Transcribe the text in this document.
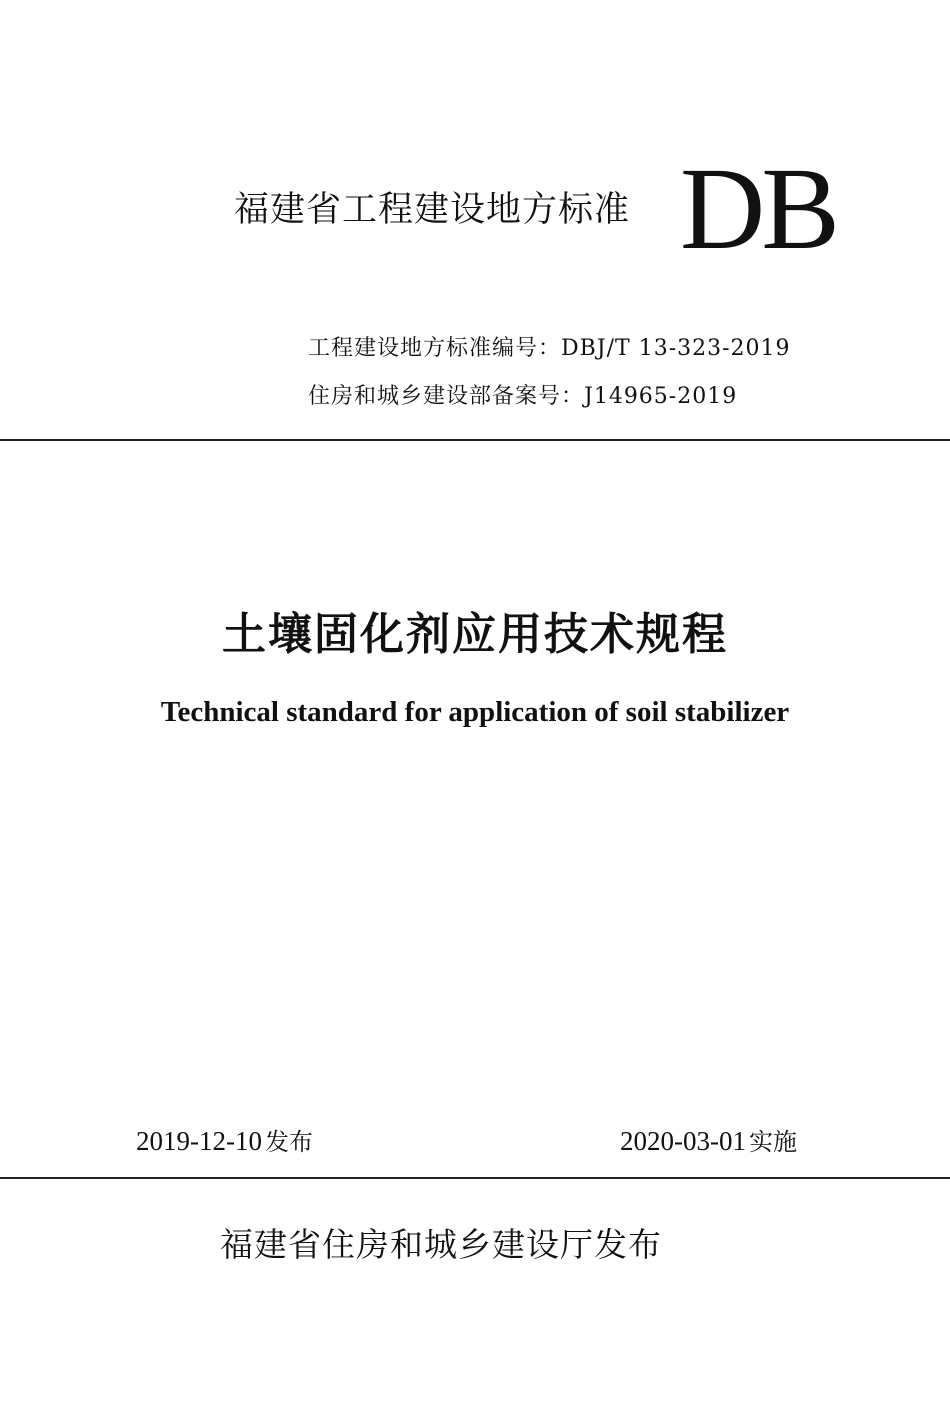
福建省工程建设地方标准 DB
工程建设地方标准编号：DBJ/T 13-323-2019
住房和城乡建设部备案号：J14965-2019
土壤固化剂应用技术规程
Technical standard for application of soil stabilizer
2019-12-10 发布	2020-03-01 实施
福建省住房和城乡建设厅发布
